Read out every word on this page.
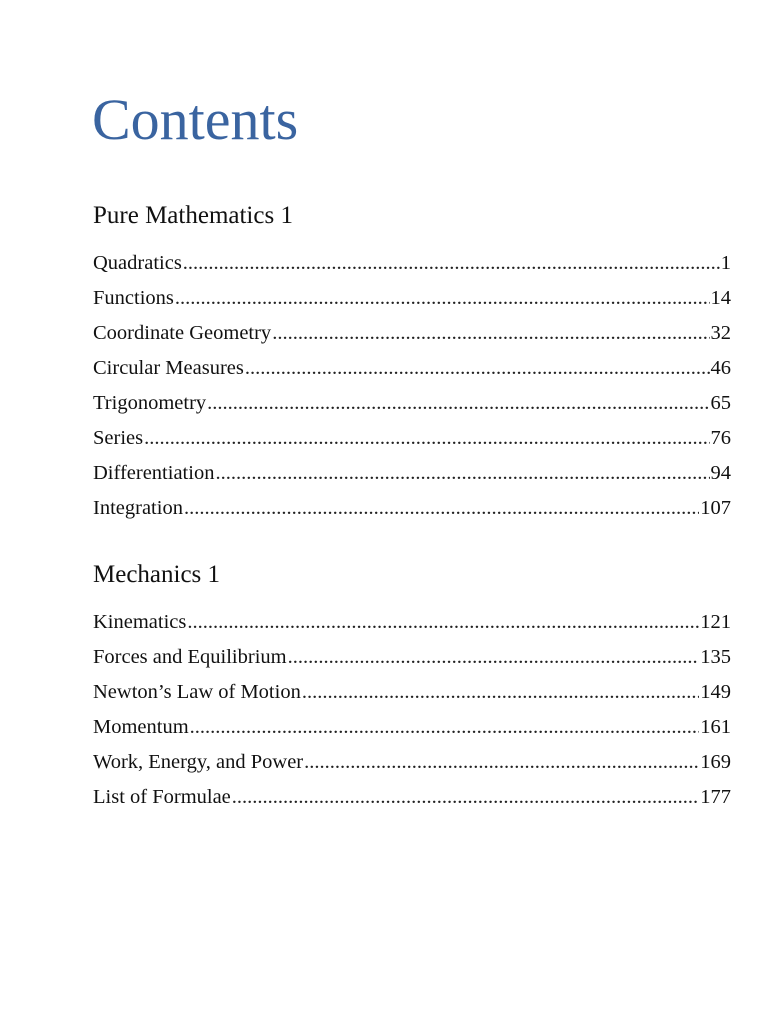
Contents
Pure Mathematics 1
Quadratics .....	1
Functions .....	14
Coordinate Geometry .....	32
Circular Measures .....	46
Trigonometry .....	65
Series .....	76
Differentiation .....	94
Integration .....	107
Mechanics 1
Kinematics .....	121
Forces and Equilibrium .....	135
Newton’s Law of Motion .....	149
Momentum .....	161
Work, Energy, and Power .....	169
List of Formulae .....	177
